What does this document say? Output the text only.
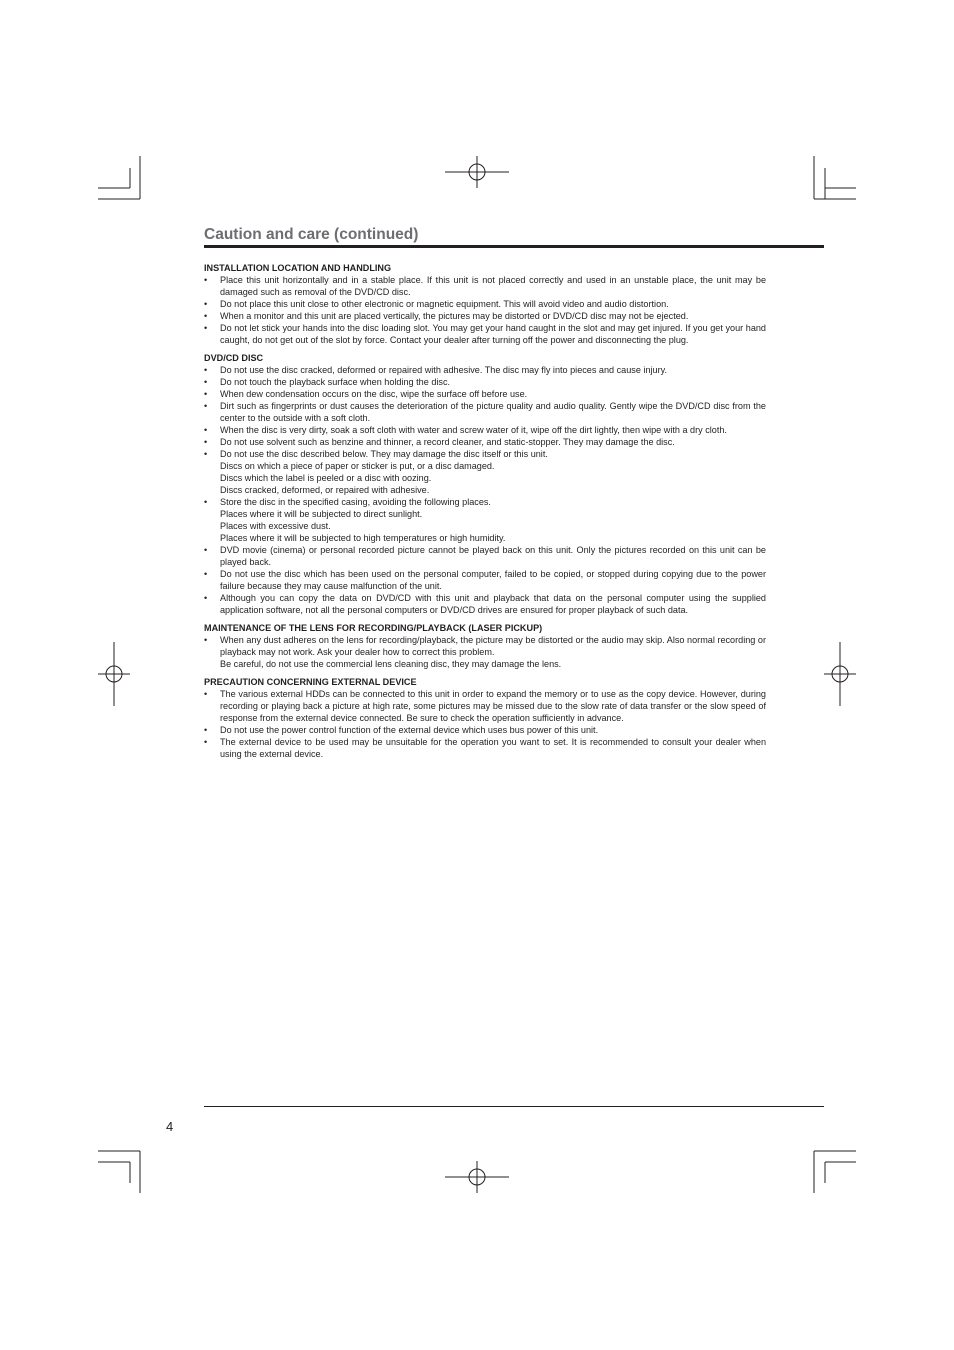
Caution and care (continued)
INSTALLATION LOCATION AND HANDLING
• Place this unit horizontally and in a stable place. If this unit is not placed correctly and used in an unstable place, the unit may be damaged such as removal of the DVD/CD disc.
• Do not place this unit close to other electronic or magnetic equipment. This will avoid video and audio distortion.
• When a monitor and this unit are placed vertically, the pictures may be distorted or DVD/CD disc may not be ejected.
• Do not let stick your hands into the disc loading slot. You may get your hand caught in the slot and may get injured. If you get your hand caught, do not get out of the slot by force. Contact your dealer after turning off the power and disconnecting the plug.
DVD/CD DISC
• Do not use the disc cracked, deformed or repaired with adhesive. The disc may fly into pieces and cause injury.
• Do not touch the playback surface when holding the disc.
• When dew condensation occurs on the disc, wipe the surface off before use.
• Dirt such as fingerprints or dust causes the deterioration of the picture quality and audio quality. Gently wipe the DVD/CD disc from the center to the outside with a soft cloth.
• When the disc is very dirty, soak a soft cloth with water and screw water of it, wipe off the dirt lightly, then wipe with a dry cloth.
• Do not use solvent such as benzine and thinner, a record cleaner, and static-stopper. They may damage the disc.
• Do not use the disc described below. They may damage the disc itself or this unit.
Discs on which a piece of paper or sticker is put, or a disc damaged.
Discs which the label is peeled or a disc with oozing.
Discs cracked, deformed, or repaired with adhesive.
• Store the disc in the specified casing, avoiding the following places.
Places where it will be subjected to direct sunlight.
Places with excessive dust.
Places where it will be subjected to high temperatures or high humidity.
• DVD movie (cinema) or personal recorded picture cannot be played back on this unit. Only the pictures recorded on this unit can be played back.
• Do not use the disc which has been used on the personal computer, failed to be copied, or stopped during copying due to the power failure because they may cause malfunction of the unit.
• Although you can copy the data on DVD/CD with this unit and playback that data on the personal computer using the supplied application software, not all the personal computers or DVD/CD drives are ensured for proper playback of such data.
MAINTENANCE OF THE LENS FOR RECORDING/PLAYBACK (LASER PICKUP)
• When any dust adheres on the lens for recording/playback, the picture may be distorted or the audio may skip. Also normal recording or playback may not work. Ask your dealer how to correct this problem.
Be careful, do not use the commercial lens cleaning disc, they may damage the lens.
PRECAUTION CONCERNING EXTERNAL DEVICE
• The various external HDDs can be connected to this unit in order to expand the memory or to use as the copy device. However, during recording or playing back a picture at high rate, some pictures may be missed due to the slow rate of data transfer or the slow speed of response from the external device connected. Be sure to check the operation sufficiently in advance.
• Do not use the power control function of the external device which uses bus power of this unit.
• The external device to be used may be unsuitable for the operation you want to set. It is recommended to consult your dealer when using the external device.
4
